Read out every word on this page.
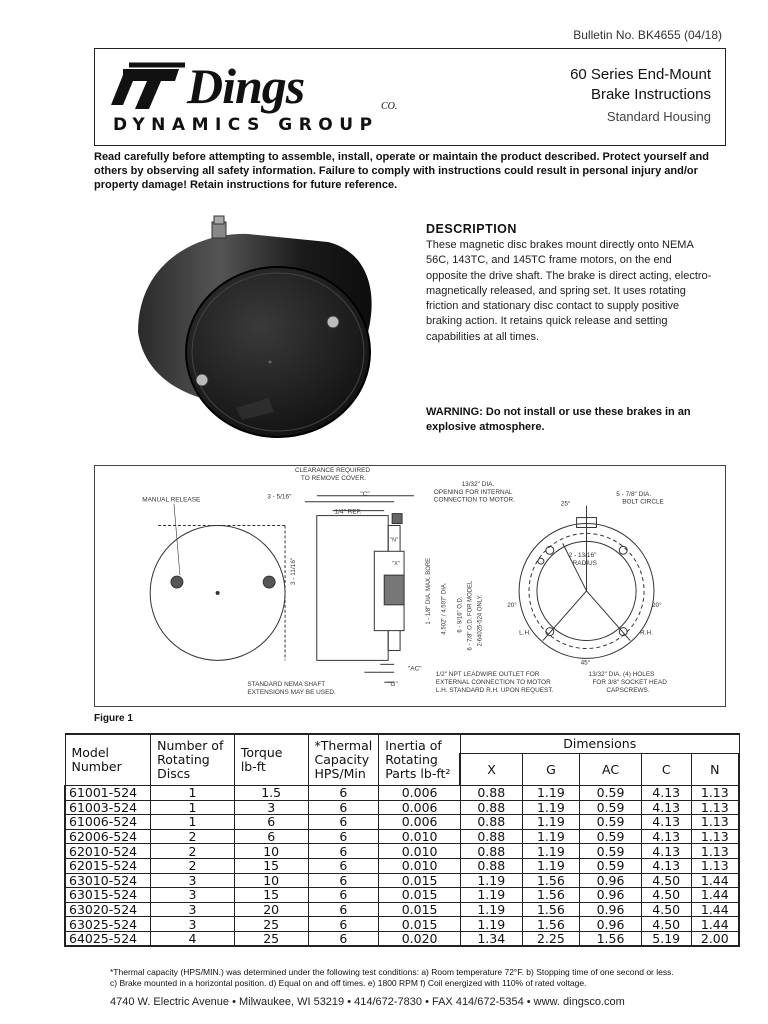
Bulletin No. BK4655 (04/18)
Dings	CO.
DYNAMICS GROUP
60 Series End-Mount
Brake Instructions
Standard Housing
Read carefully before attempting to assemble, install, operate or maintain the product described. Protect yourself and others by observing all safety information. Failure to comply with instructions could result in personal injury and/or property damage! Retain instructions for future reference.
DESCRIPTION

These magnetic disc brakes mount directly onto NEMA 56C, 143TC, and 145TC frame motors, on the end opposite the drive shaft. The brake is direct acting, electro-magnetically released, and spring set. It uses rotating friction and stationary disc contact to supply positive braking action. It retains quick release and setting capabilities at all times.

WARNING: Do not install or use these brakes in an explosive atmosphere.
MANUAL RELEASE
3 - 11/16"
CLEARANCE REQUIRED
TO REMOVE COVER.
3 - 5/16"	"C"
1/4" REF.
"N"
"X"
"AC"
"G"
1 - 1/8" DIA. MAX. BORE 4.502" / 4.507" DIA. 6 - 9/16" O.D. 6 - 7/8" O.D. FOR MODEL 2-64025-524 ONLY.
STANDARD NEMA SHAFT
EXTENSIONS MAY BE USED.
1/2" NPT LEADWIRE OUTLET FOR
EXTERNAL CONNECTION TO MOTOR
L.H. STANDARD R.H. UPON REQUEST.
13/32" DIA.
OPENING FOR INTERNAL
CONNECTION TO MOTOR.
5 - 7/8" DIA.
BOLT CIRCLE
25°
2 - 13/16"
RADIUS
20°	20°
L.H.	R.H.
45°
13/32" DIA. (4) HOLES
FOR 3/8" SOCKET HEAD
CAPSCREWS.
Figure 1
Model Number	Number of Rotating Discs	Torque lb-ft	*Thermal Capacity HPS/Min	Inertia of Rotating Parts lb-ft²	Dimensions				
					X	G	AC	C	N
61001-524	1	1.5	6	0.006	0.88	1.19	0.59	4.13	1.13
61003-524	1	3	6	0.006	0.88	1.19	0.59	4.13	1.13
61006-524	1	6	6	0.006	0.88	1.19	0.59	4.13	1.13
62006-524	2	6	6	0.010	0.88	1.19	0.59	4.13	1.13
62010-524	2	10	6	0.010	0.88	1.19	0.59	4.13	1.13
62015-524	2	15	6	0.010	0.88	1.19	0.59	4.13	1.13
63010-524	3	10	6	0.015	1.19	1.56	0.96	4.50	1.44
63015-524	3	15	6	0.015	1.19	1.56	0.96	4.50	1.44
63020-524	3	20	6	0.015	1.19	1.56	0.96	4.50	1.44
63025-524	3	25	6	0.015	1.19	1.56	0.96	4.50	1.44
64025-524	4	25	6	0.020	1.34	2.25	1.56	5.19	2.00
*Thermal capacity (HPS/MIN.) was determined under the following test conditions: a) Room temperature 72°F. b) Stopping time of one second or less.
c) Brake mounted in a horizontal position. d) Equal on and off times. e) 1800 RPM f) Coil energized with 110% of rated voltage.
4740 W. Electric Avenue • Milwaukee, WI 53219 • 414/672-7830 • FAX 414/672-5354 • www. dingsco.com
